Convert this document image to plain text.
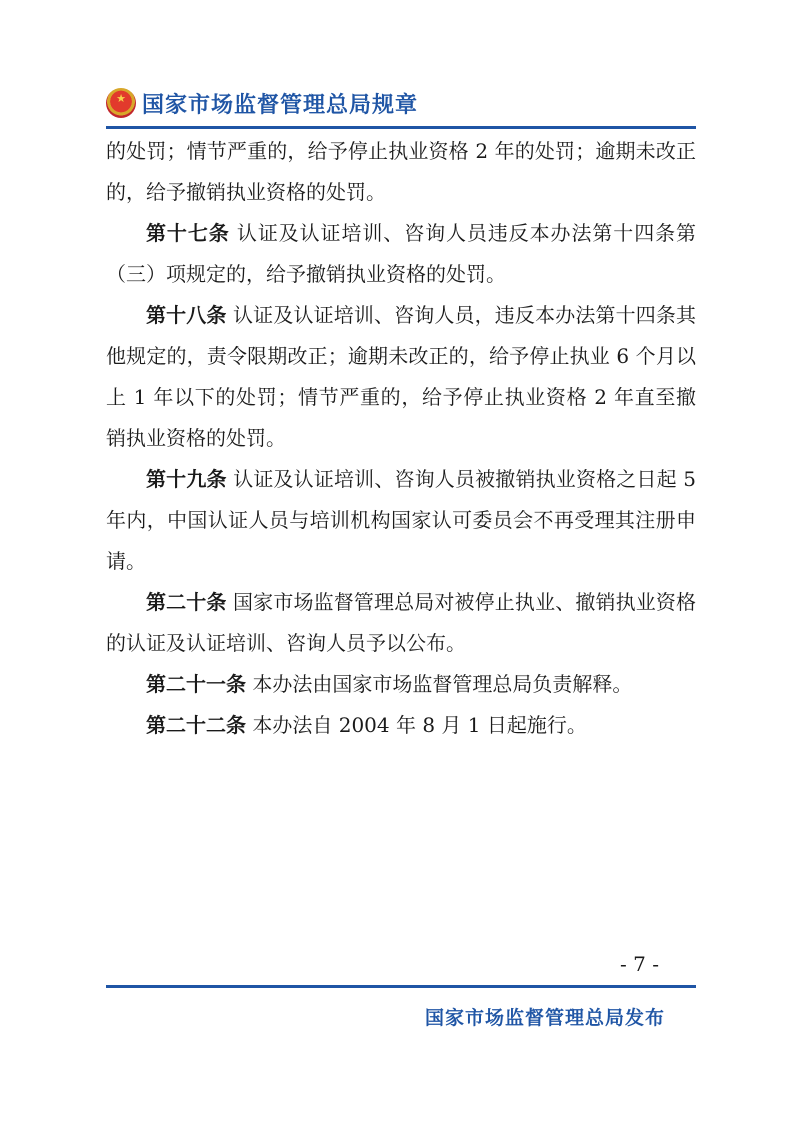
★
国家市场监督管理总局规章

的处罚；情节严重的，给予停止执业资格 2 年的处罚；逾期未改正的，给予撤销执业资格的处罚。

第十七条 认证及认证培训、咨询人员违反本办法第十四条第（三）项规定的，给予撤销执业资格的处罚。

第十八条 认证及认证培训、咨询人员，违反本办法第十四条其他规定的，责令限期改正；逾期未改正的，给予停止执业 6 个月以上 1 年以下的处罚；情节严重的，给予停止执业资格 2 年直至撤销执业资格的处罚。

第十九条 认证及认证培训、咨询人员被撤销执业资格之日起 5 年内，中国认证人员与培训机构国家认可委员会不再受理其注册申请。

第二十条 国家市场监督管理总局对被停止执业、撤销执业资格的认证及认证培训、咨询人员予以公布。

第二十一条 本办法由国家市场监督管理总局负责解释。

第二十二条 本办法自 2004 年 8 月 1 日起施行。

- 7 -
国家市场监督管理总局发布
